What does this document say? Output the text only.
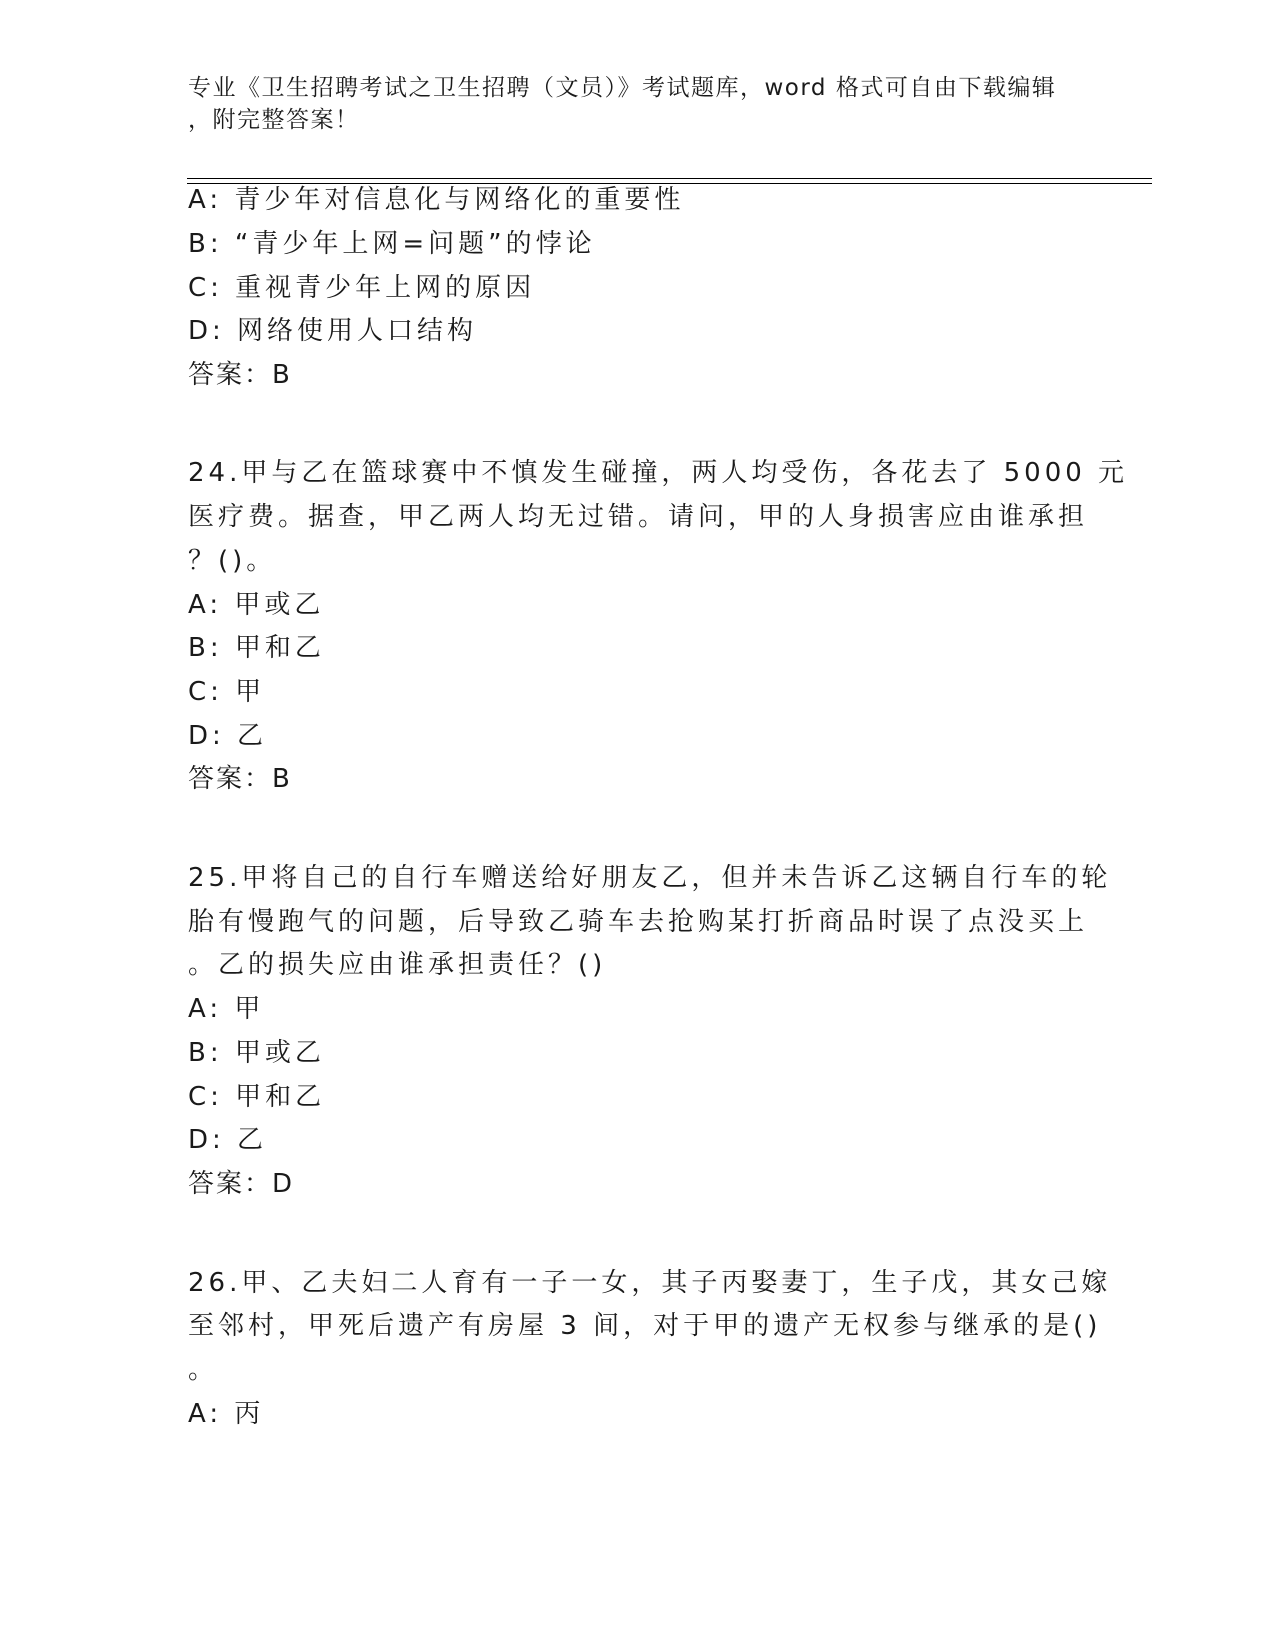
专业《卫生招聘考试之卫生招聘（文员）》考试题库，word 格式可自由下载编辑
，附完整答案！
A: 青少年对信息化与网络化的重要性
B: “青少年上网=问题”的悖论
C: 重视青少年上网的原因
D: 网络使用人口结构
答案：B
24.甲与乙在篮球赛中不慎发生碰撞，两人均受伤，各花去了 5000 元
医疗费。据查，甲乙两人均无过错。请问，甲的人身损害应由谁承担
？()。
A: 甲或乙
B: 甲和乙
C: 甲
D: 乙
答案：B
25.甲将自己的自行车赠送给好朋友乙，但并未告诉乙这辆自行车的轮
胎有慢跑气的问题，后导致乙骑车去抢购某打折商品时误了点没买上
。乙的损失应由谁承担责任？()
A: 甲
B: 甲或乙
C: 甲和乙
D: 乙
答案：D
26.甲、乙夫妇二人育有一子一女，其子丙娶妻丁，生子戊，其女己嫁
至邻村，甲死后遗产有房屋 3 间，对于甲的遗产无权参与继承的是()
。
A: 丙
